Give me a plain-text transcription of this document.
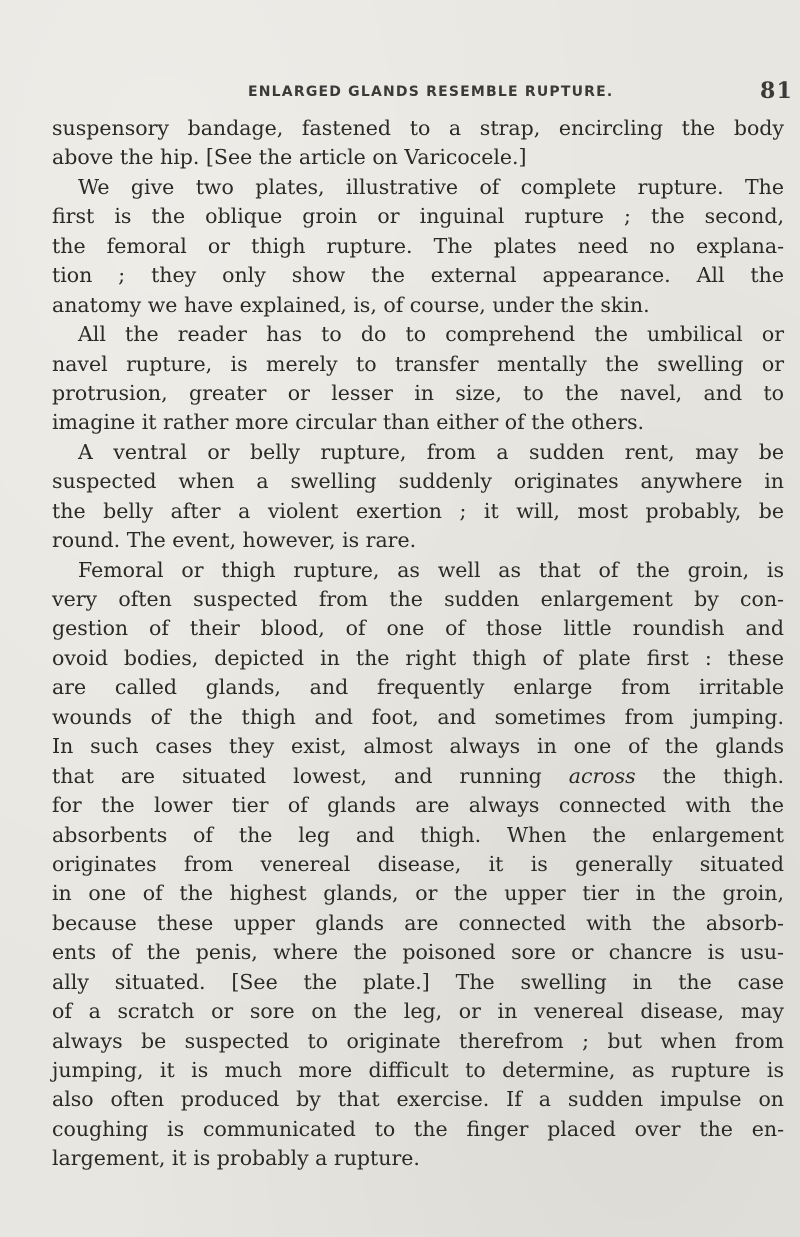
ENLARGED GLANDS RESEMBLE RUPTURE.	81
suspensory bandage, fastened to a strap, encircling the body
above the hip. [See the article on Varicocele.]
We give two plates, illustrative of complete rupture. The
first is the oblique groin or inguinal rupture ; the second,
the femoral or thigh rupture. The plates need no explana-
tion ; they only show the external appearance. All the
anatomy we have explained, is, of course, under the skin.
All the reader has to do to comprehend the umbilical or
navel rupture, is merely to transfer mentally the swelling or
protrusion, greater or lesser in size, to the navel, and to
imagine it rather more circular than either of the others.
A ventral or belly rupture, from a sudden rent, may be
suspected when a swelling suddenly originates anywhere in
the belly after a violent exertion ; it will, most probably, be
round. The event, however, is rare.
Femoral or thigh rupture, as well as that of the groin, is
very often suspected from the sudden enlargement by con-
gestion of their blood, of one of those little roundish and
ovoid bodies, depicted in the right thigh of plate first : these
are called glands, and frequently enlarge from irritable
wounds of the thigh and foot, and sometimes from jumping.
In such cases they exist, almost always in one of the glands
that are situated lowest, and running across the thigh.
for the lower tier of glands are always connected with the
absorbents of the leg and thigh. When the enlargement
originates from venereal disease, it is generally situated
in one of the highest glands, or the upper tier in the groin,
because these upper glands are connected with the absorb-
ents of the penis, where the poisoned sore or chancre is usu-
ally situated. [See the plate.] The swelling in the case
of a scratch or sore on the leg, or in venereal disease, may
always be suspected to originate therefrom ; but when from
jumping, it is much more difficult to determine, as rupture is
also often produced by that exercise. If a sudden impulse on
coughing is communicated to the finger placed over the en-
largement, it is probably a rupture.
